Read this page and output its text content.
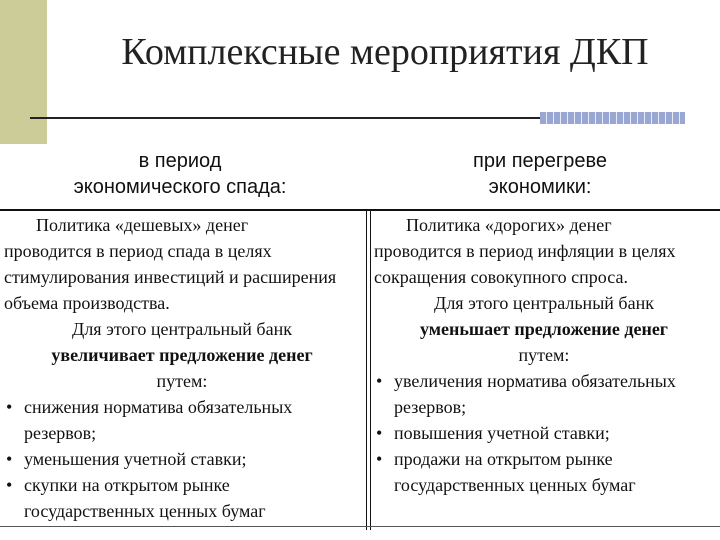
Комплексные мероприятия ДКП
в период
экономического спада:
при перегреве
экономики:

Политика «дешевых» денег

проводится в период спада в целях стимулирования инвестиций и расширения объема производства.

Для этого центральный банк

увеличивает предложение денег

путем:

• снижения норматива обязательных резервов;
• уменьшения учетной ставки;
• скупки на открытом рынке государственных ценных бумаг

Политика «дорогих» денег

проводится в период инфляции в целях сокращения совокупного спроса.

Для этого центральный банк

уменьшает предложение денег

путем:

• увеличения норматива обязательных резервов;
• повышения учетной ставки;
• продажи на открытом рынке государственных ценных бумаг
